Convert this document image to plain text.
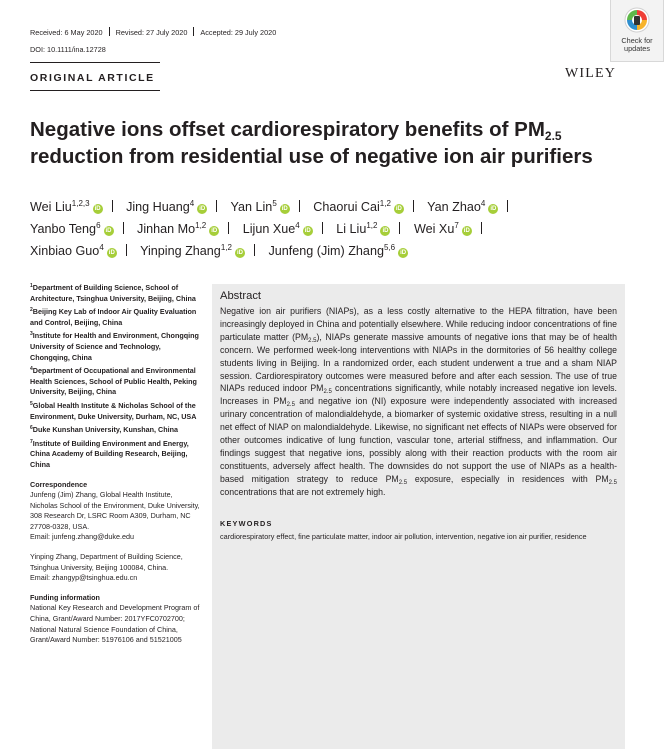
Received: 6 May 2020 Revised: 27 July 2020 Accepted: 29 July 2020
DOI: 10.1111/ina.12728
Check for
updates
ORIGINAL ARTICLE	WILEY
Negative ions offset cardiorespiratory benefits of $PM_{2.5}$
reduction from residential use of negative ion air purifiers
Wei Liu$^{1,2,3}$iD Jing Huang$^4$iD Yan Lin$^5$iD Chaorui Cai$^{1,2}$iD Yan Zhao$^4$iD
Yanbo Teng$^6$iD Jinhan Mo$^{1,2}$iD Lijun Xue$^4$iD Li Liu$^{1,2}$iD Wei Xu$^7$iD
Xinbiao Guo$^4$iD Yinping Zhang$^{1,2}$iD Junfeng (Jim) Zhang$^{5,6}$iD
$^1$Department of Building Science, School of Architecture, Tsinghua University, Beijing, China
$^2$Beijing Key Lab of Indoor Air Quality Evaluation and Control, Beijing, China
$^3$Institute for Health and Environment, Chongqing University of Science and Technology, Chongqing, China
$^4$Department of Occupational and Environmental Health Sciences, School of Public Health, Peking University, Beijing, China
$^5$Global Health Institute & Nicholas School of the Environment, Duke University, Durham, NC, USA
$^6$Duke Kunshan University, Kunshan, China
$^7$Institute of Building Environment and Energy, China Academy of Building Research, Beijing, China
Correspondence

Junfeng (Jim) Zhang, Global Health Institute, Nicholas School of the Environment, Duke University, 308 Research Dr, LSRC Room A309, Durham, NC 27708-0328, USA.
Email: junfeng.zhang@duke.edu

Yinping Zhang, Department of Building Science, Tsinghua University, Beijing 100084, China.
Email: zhangyp@tsinghua.edu.cn

Funding information
National Key Research and Development Program of China, Grant/Award Number: 2017YFC0702700; National Natural Science Foundation of China, Grant/Award Number: 51976106 and 51521005
Abstract
Negative ion air purifiers (NIAPs), as a less costly alternative to the HEPA filtration, have been increasingly deployed in China and potentially elsewhere. While reducing indoor concentrations of fine particulate matter $(PM_{2.5})$, NIAPs generate massive amounts of negative ions that may be of health concern. We performed week-long interventions with NIAPs in the dormitories of 56 healthy college students living in Beijing. In a randomized order, each student underwent a true and a sham NIAP session. Cardiorespiratory outcomes were measured before and after each session. The use of true NIAPs reduced indoor $PM_{2.5}$ concentrations significantly, while notably increased negative ion levels. Increases in $PM_{2.5}$ and negative ion (NI) exposure were independently associated with increased urinary concentration of malondialdehyde, a biomarker of systemic oxidative stress, resulting in a null net effect of NIAP on malondialdehyde. Likewise, no significant net effects of NIAPs were observed for other outcomes indicative of lung function, vascular tone, arterial stiffness, and inflammation. Our findings suggest that negative ions, possibly along with their reaction products with the room air constituents, adversely affect health. The downsides do not support the use of NIAPs as a health-based mitigation strategy to reduce $PM_{2.5}$ exposure, especially in residences with $PM_{2.5}$ concentrations that are not extremely high.
KEYWORDS
cardiorespiratory effect, fine particulate matter, indoor air pollution, intervention, negative ion air purifier, residence
